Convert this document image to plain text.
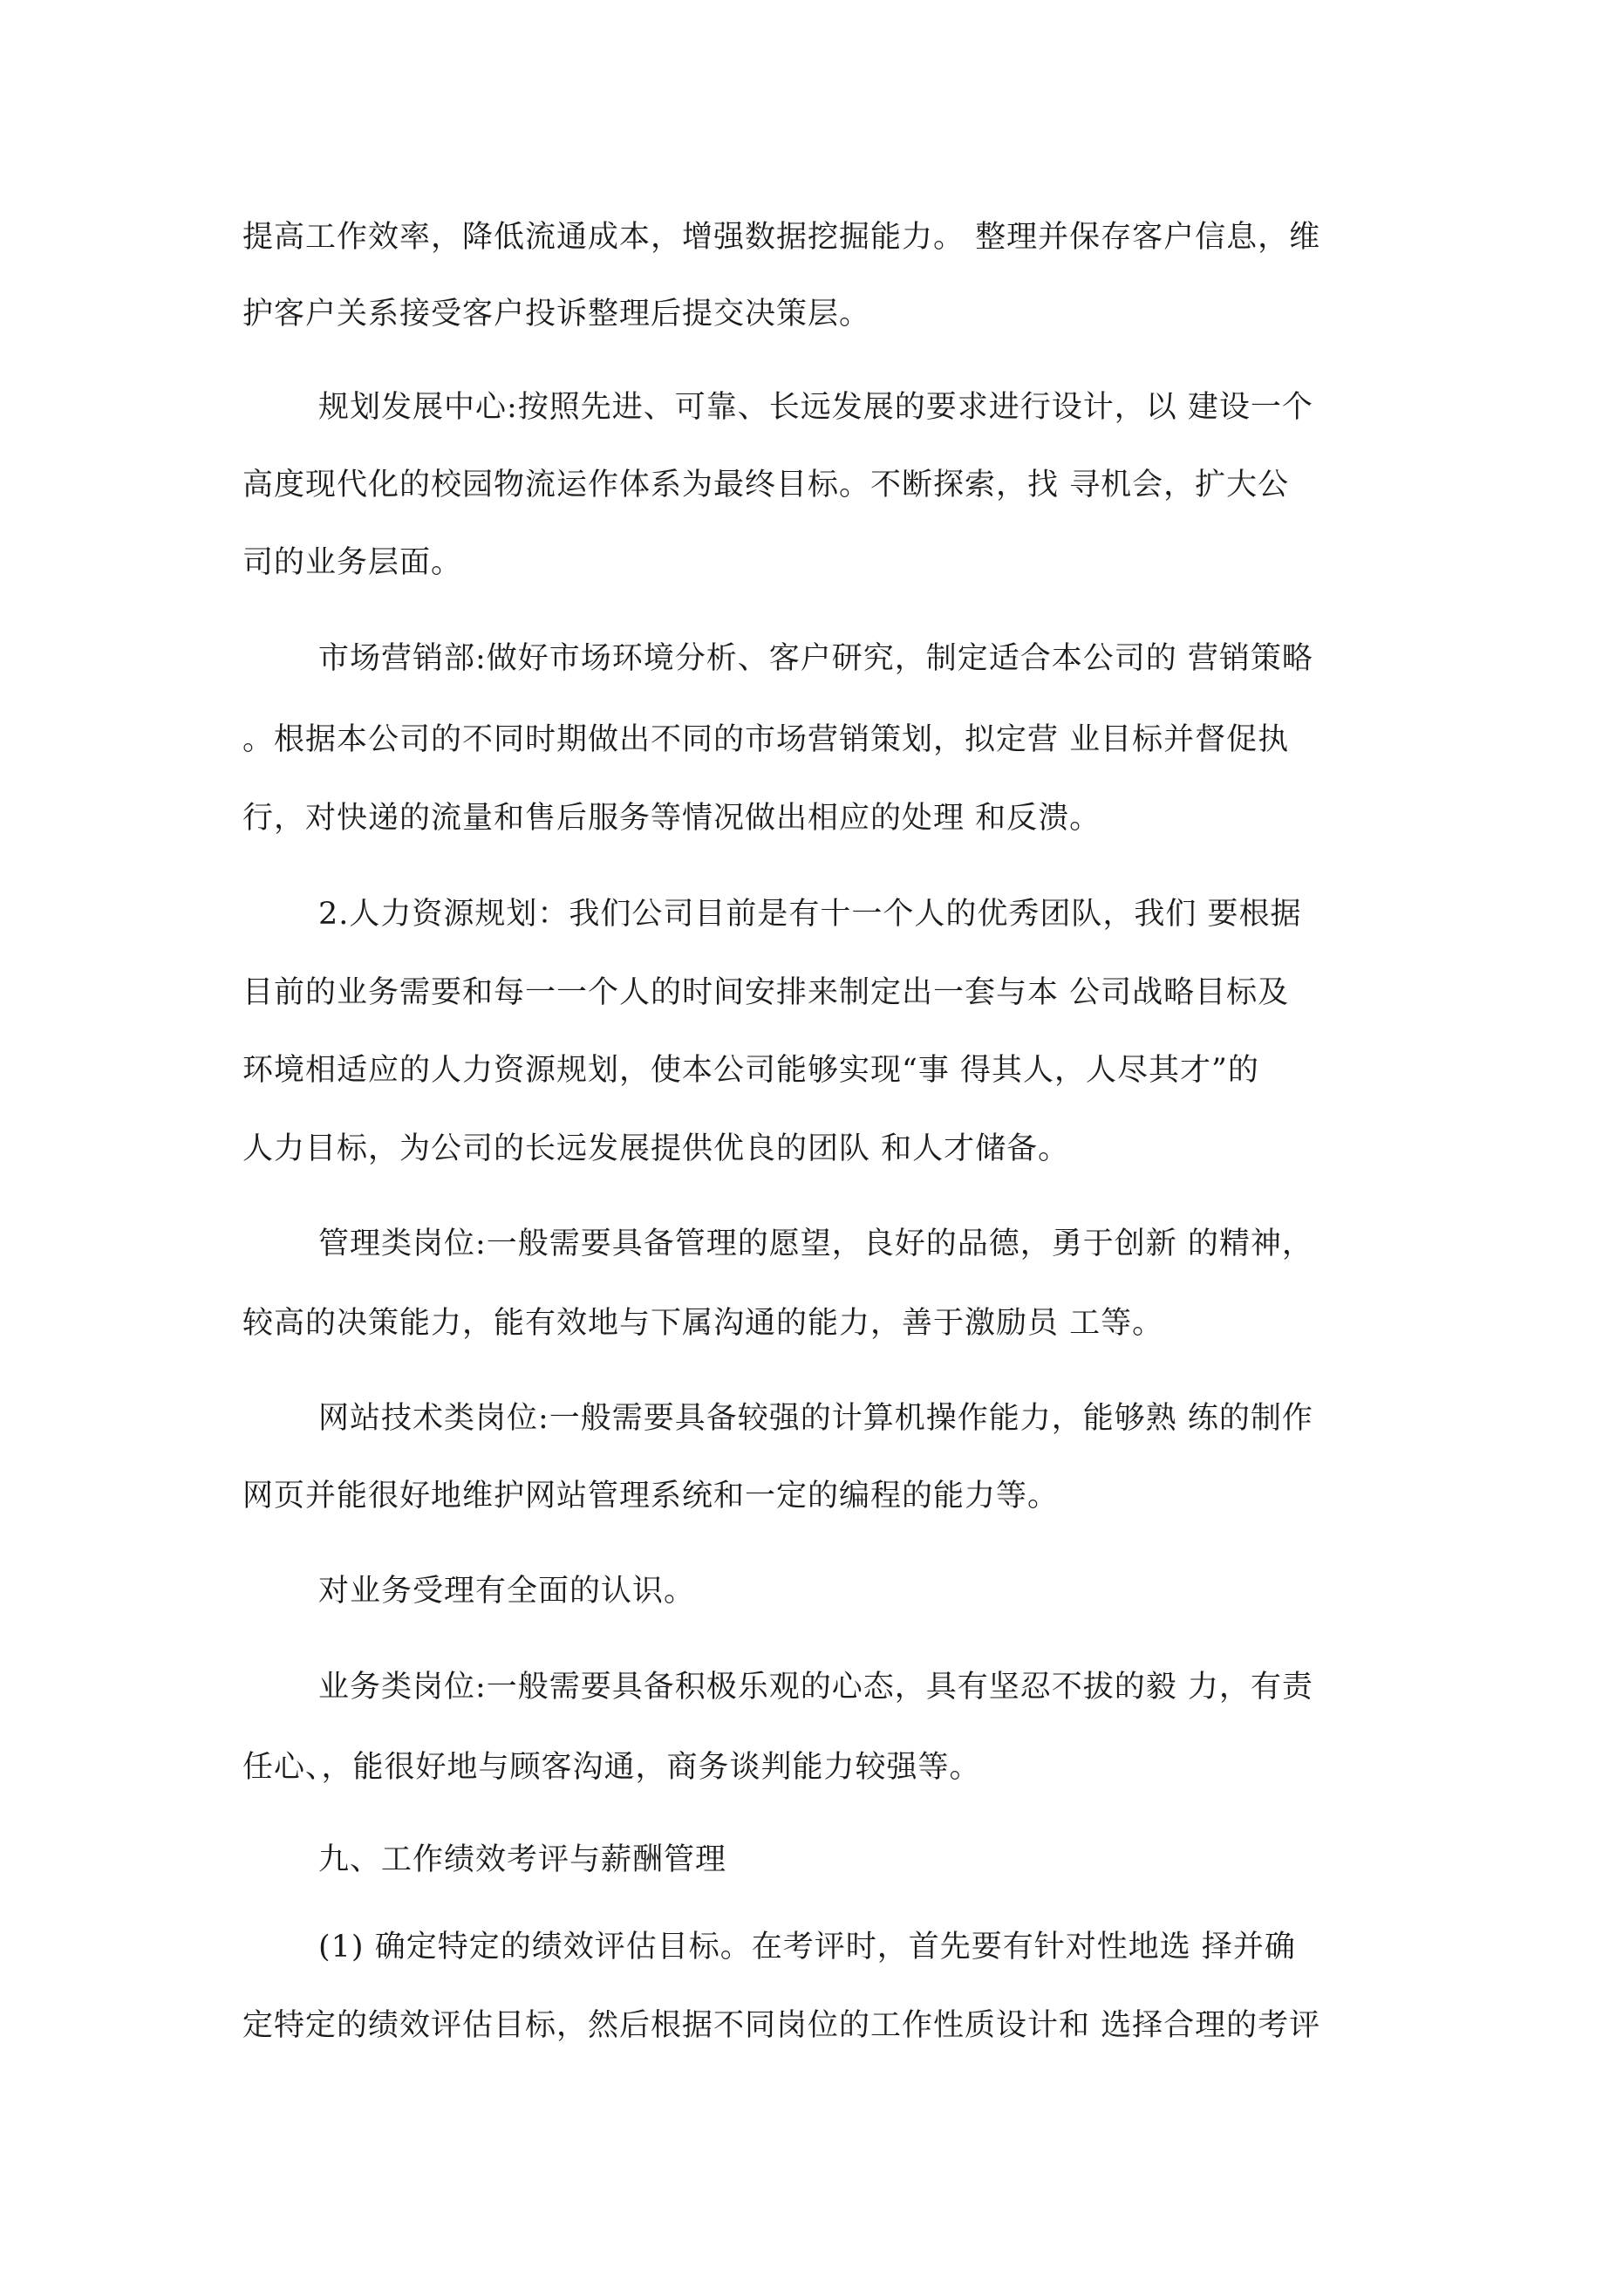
提高工作效率，降低流通成本，增强数据挖掘能力。 整理并保存客户信息，维
护客户关系接受客户投诉整理后提交决策层。
规划发展中心:按照先进、可靠、长远发展的要求进行设计，以 建设一个
高度现代化的校园物流运作体系为最终目标。不断探索，找 寻机会，扩大公
司的业务层面。
市场营销部:做好市场环境分析、客户研究，制定适合本公司的 营销策略
。根据本公司的不同时期做出不同的市场营销策划，拟定营 业目标并督促执
行，对快递的流量和售后服务等情况做出相应的处理 和反溃。
2.人力资源规划：我们公司目前是有十一个人的优秀团队，我们 要根据
目前的业务需要和每一一个人的时间安排来制定出一套与本 公司战略目标及
环境相适应的人力资源规划，使本公司能够实现“事 得其人，人尽其才”的
人力目标，为公司的长远发展提供优良的团队 和人才储备。
管理类岗位:一般需要具备管理的愿望，良好的品德，勇于创新 的精神，
较高的决策能力，能有效地与下属沟通的能力，善于激励员 工等。
网站技术类岗位:一般需要具备较强的计算机操作能力，能够熟 练的制作
网页并能很好地维护网站管理系统和一定的编程的能力等。
对业务受理有全面的认识。
业务类岗位:一般需要具备积极乐观的心态，具有坚忍不拔的毅 力，有责
任心、，能很好地与顾客沟通，商务谈判能力较强等。
九、工作绩效考评与薪酬管理
(1) 确定特定的绩效评估目标。在考评时，首先要有针对性地选 择并确
定特定的绩效评估目标，然后根据不同岗位的工作性质设计和 选择合理的考评
